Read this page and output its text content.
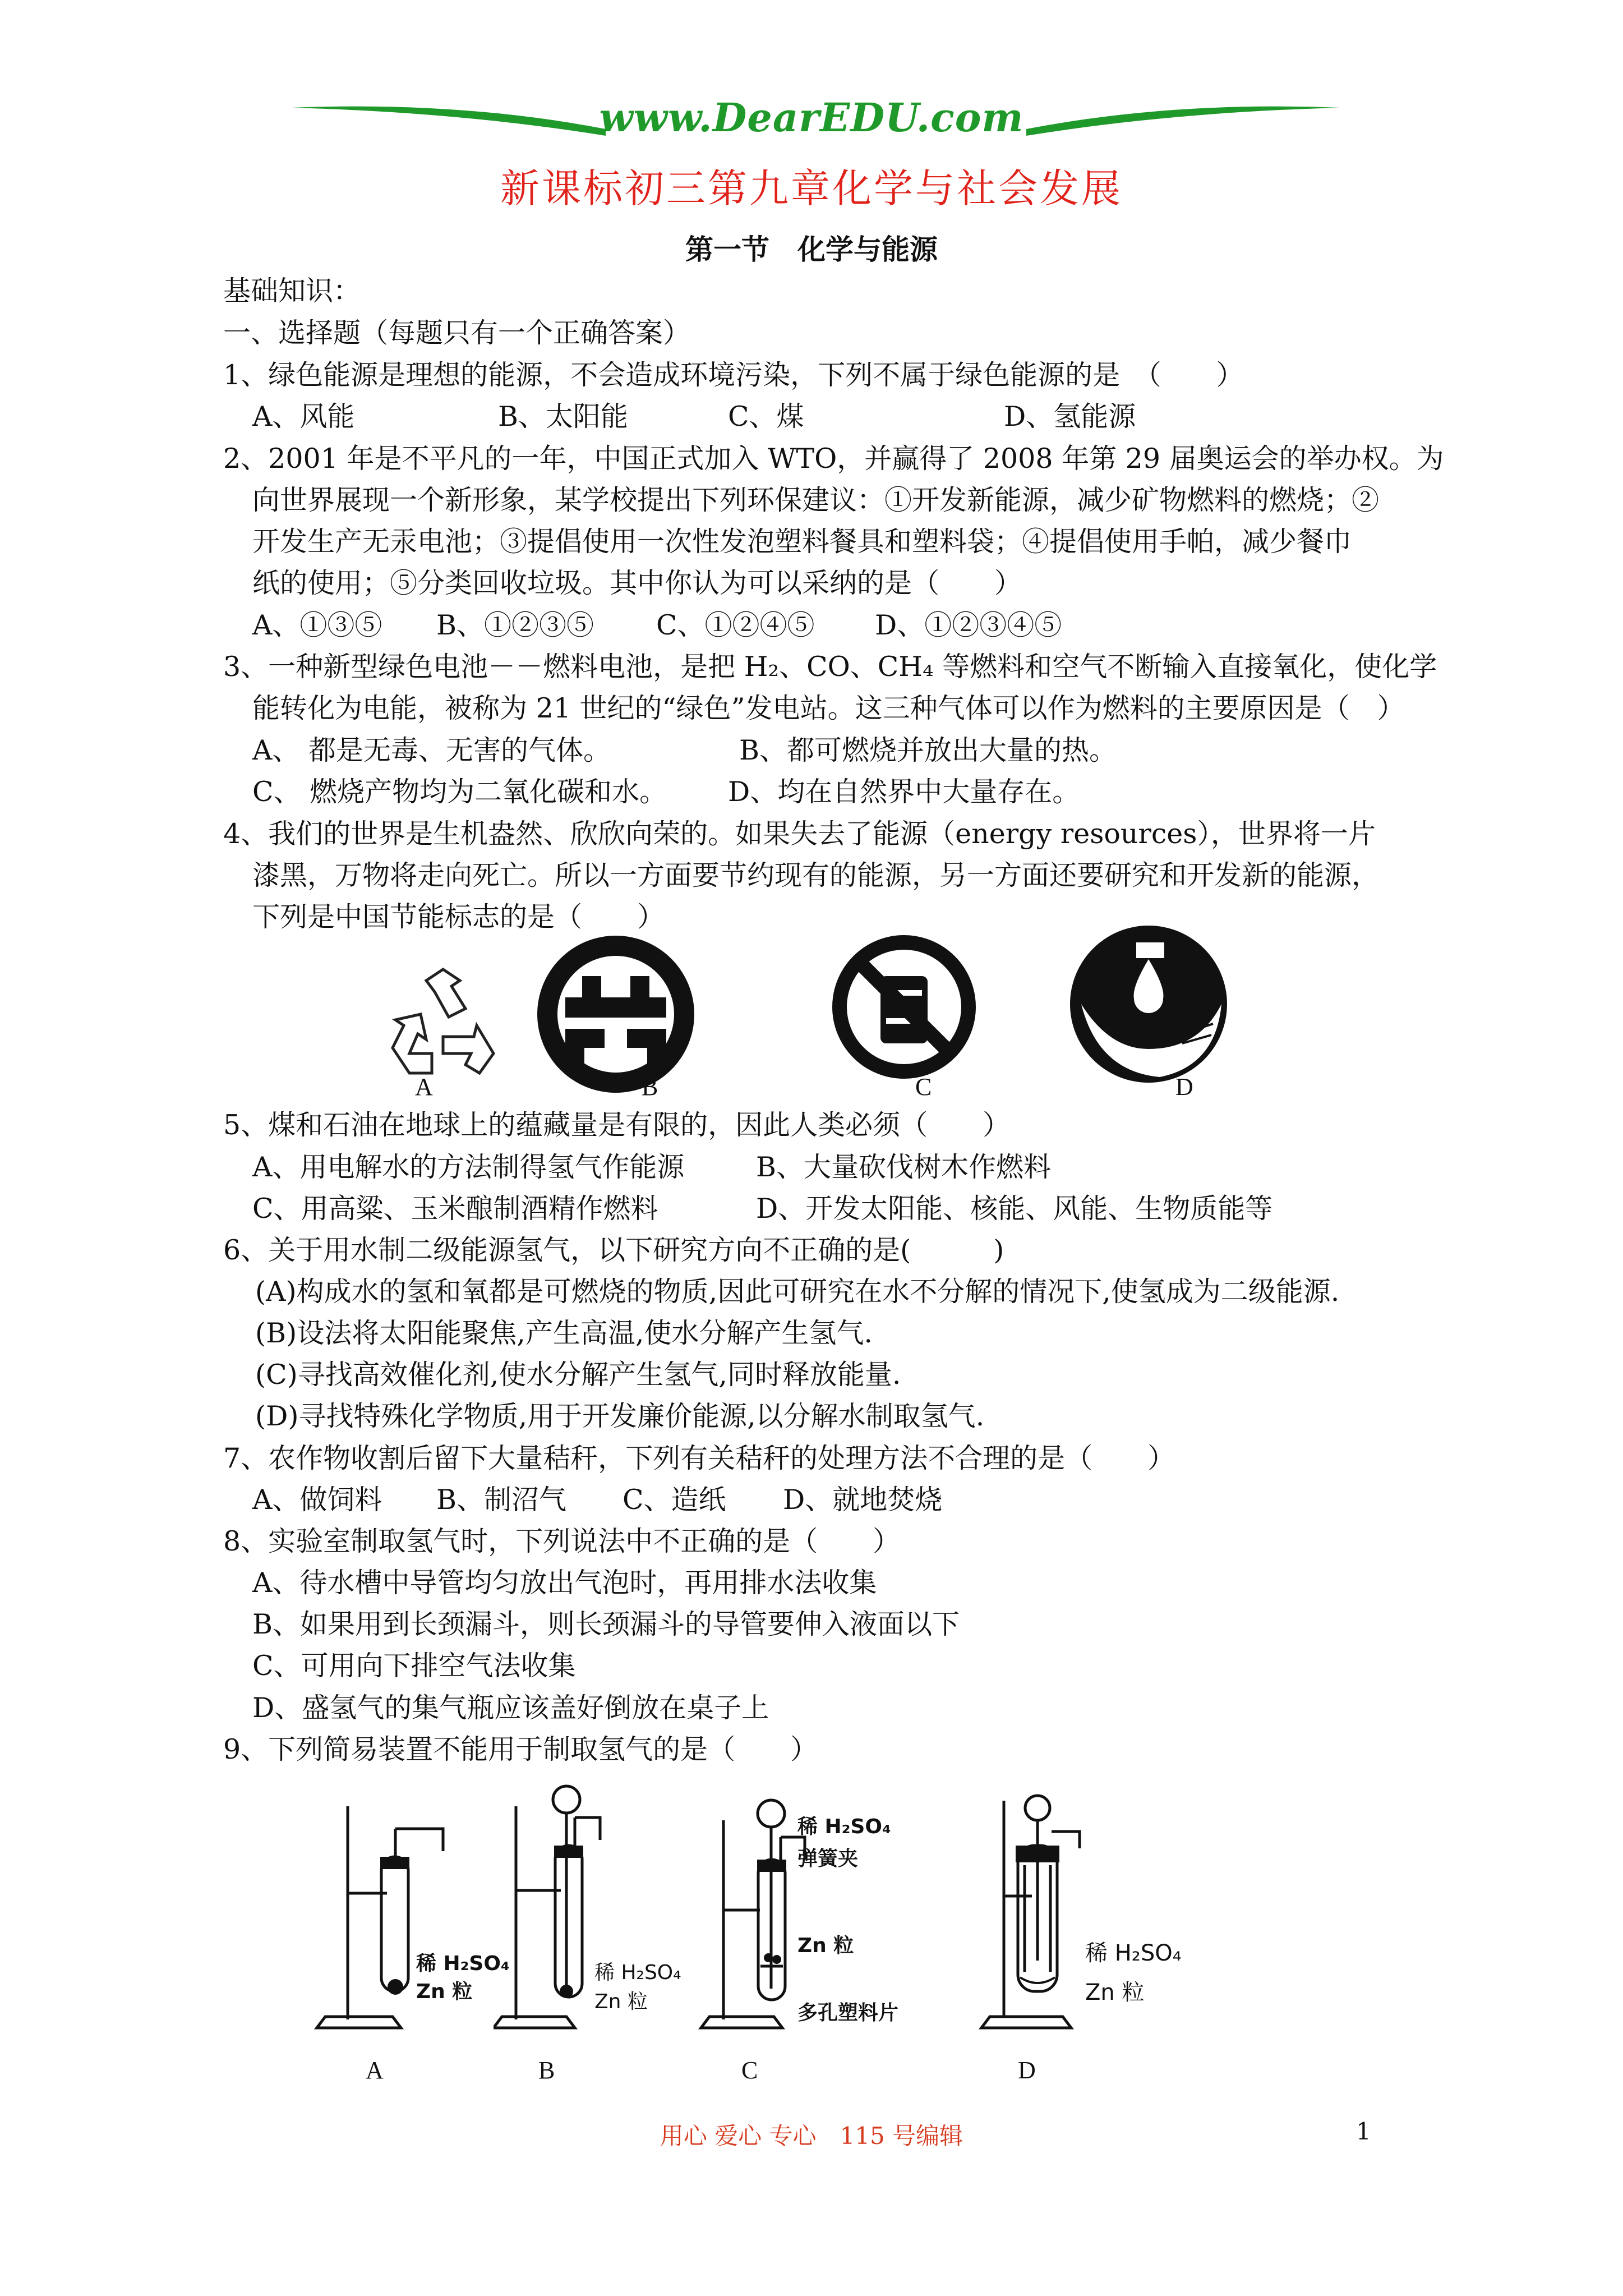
www.DearEDU.com
新课标初三第九章化学与社会发展
第一节　化学与能源
基础知识：
一、选择题（每题只有一个正确答案）
1、绿色能源是理想的能源，不会造成环境污染，下列不属于绿色能源的是　（　　）
A、风能	B、太阳能	C、煤	D、氢能源
2、2001 年是不平凡的一年，中国正式加入 WTO，并赢得了 2008 年第 29 届奥运会的举办权。为
向世界展现一个新形象，某学校提出下列环保建议：①开发新能源，减少矿物燃料的燃烧；②
开发生产无汞电池；③提倡使用一次性发泡塑料餐具和塑料袋；④提倡使用手帕，减少餐巾
纸的使用；⑤分类回收垃圾。其中你认为可以采纳的是（　　）
A、①③⑤ B、①②③⑤ C、①②④⑤ D、①②③④⑤
3、一种新型绿色电池－－燃料电池，是把 H₂、CO、CH₄ 等燃料和空气不断输入直接氧化，使化学
能转化为电能，被称为 21 世纪的“绿色”发电站。这三种气体可以作为燃料的主要原因是（　）
A、 都是无毒、无害的气体。	B、都可燃烧并放出大量的热。
C、 燃烧产物均为二氧化碳和水。 D、均在自然界中大量存在。
4、我们的世界是生机盎然、欣欣向荣的。如果失去了能源（energy resources），世界将一片
漆黑，万物将走向死亡。所以一方面要节约现有的能源，另一方面还要研究和开发新的能源，
下列是中国节能标志的是（　　）
A	B	C	D
5、煤和石油在地球上的蕴藏量是有限的，因此人类必须（　　）
A、用电解水的方法制得氢气作能源	B、大量砍伐树木作燃料
C、用高粱、玉米酿制酒精作燃料	D、开发太阳能、核能、风能、生物质能等
6、关于用水制二级能源氢气，以下研究方向不正确的是(　　　)
(A)构成水的氢和氧都是可燃烧的物质,因此可研究在水不分解的情况下,使氢成为二级能源.
(B)设法将太阳能聚焦,产生高温,使水分解产生氢气.
(C)寻找高效催化剂,使水分解产生氢气,同时释放能量.
(D)寻找特殊化学物质,用于开发廉价能源,以分解水制取氢气.
7、农作物收割后留下大量秸秆，下列有关秸秆的处理方法不合理的是（　　）
A、做饲料 B、制沼气 C、造纸 D、就地焚烧
8、实验室制取氢气时，下列说法中不正确的是（　　）
A、待水槽中导管均匀放出气泡时，再用排水法收集
B、如果用到长颈漏斗，则长颈漏斗的导管要伸入液面以下
C、可用向下排空气法收集
D、盛氢气的集气瓶应该盖好倒放在桌子上
9、下列简易装置不能用于制取氢气的是（　　）
稀 H₂SO₄
Zn 粒
稀 H₂SO₄
Zn 粒
稀 H₂SO₄
弹簧夹
Zn 粒
多孔塑料片
稀 H₂SO₄
Zn 粒
A	B	C	D
用心 爱心 专心　115 号编辑	1
